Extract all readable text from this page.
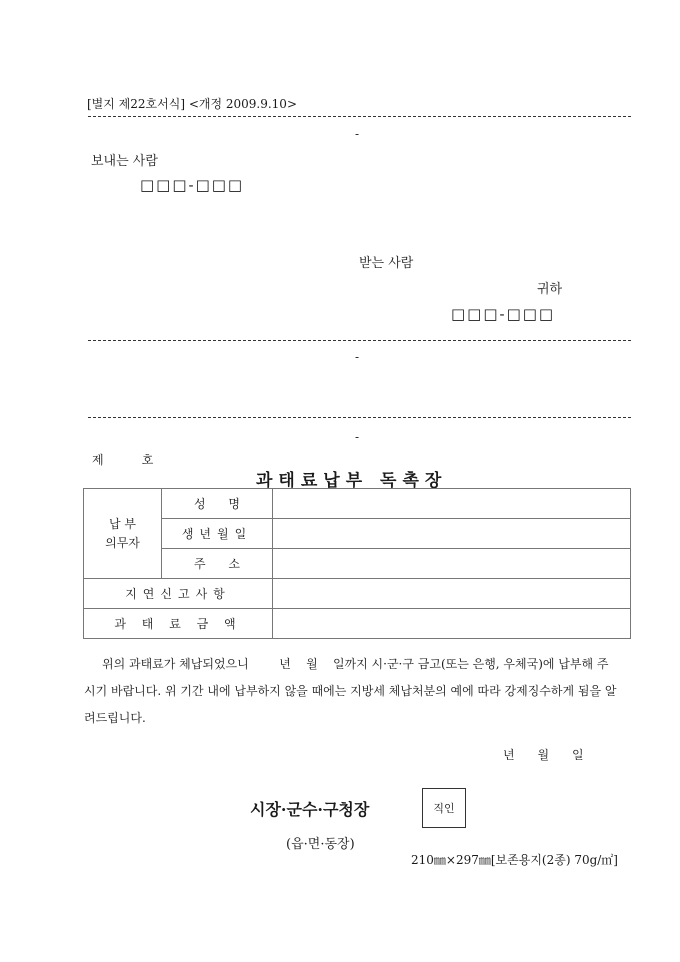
[별지 제22호서식] <개정 2009.9.10>
-
보내는 사람
□□□-□□□
받는 사람
귀하
□□□-□□□
-
-
제          호
과태료납부 독촉장
납 부
의무자	성      명	
	생년월일	
	주      소	
지연신고사항		
과 태 료 금 액		
위의 과태료가 체납되었으니        년    월    일까지 시·군·구 금고(또는 은행, 우체국)에 납부해 주
시기 바랍니다. 위 기간 내에 납부하지 않을 때에는 지방세 체납처분의 예에 따라 강제징수하게 됨을 알
려드립니다.
년      월      일
시장·군수·구청장	직인
(읍·면·동장)
210㎜×297㎜[보존용지(2종) 70g/㎡]
